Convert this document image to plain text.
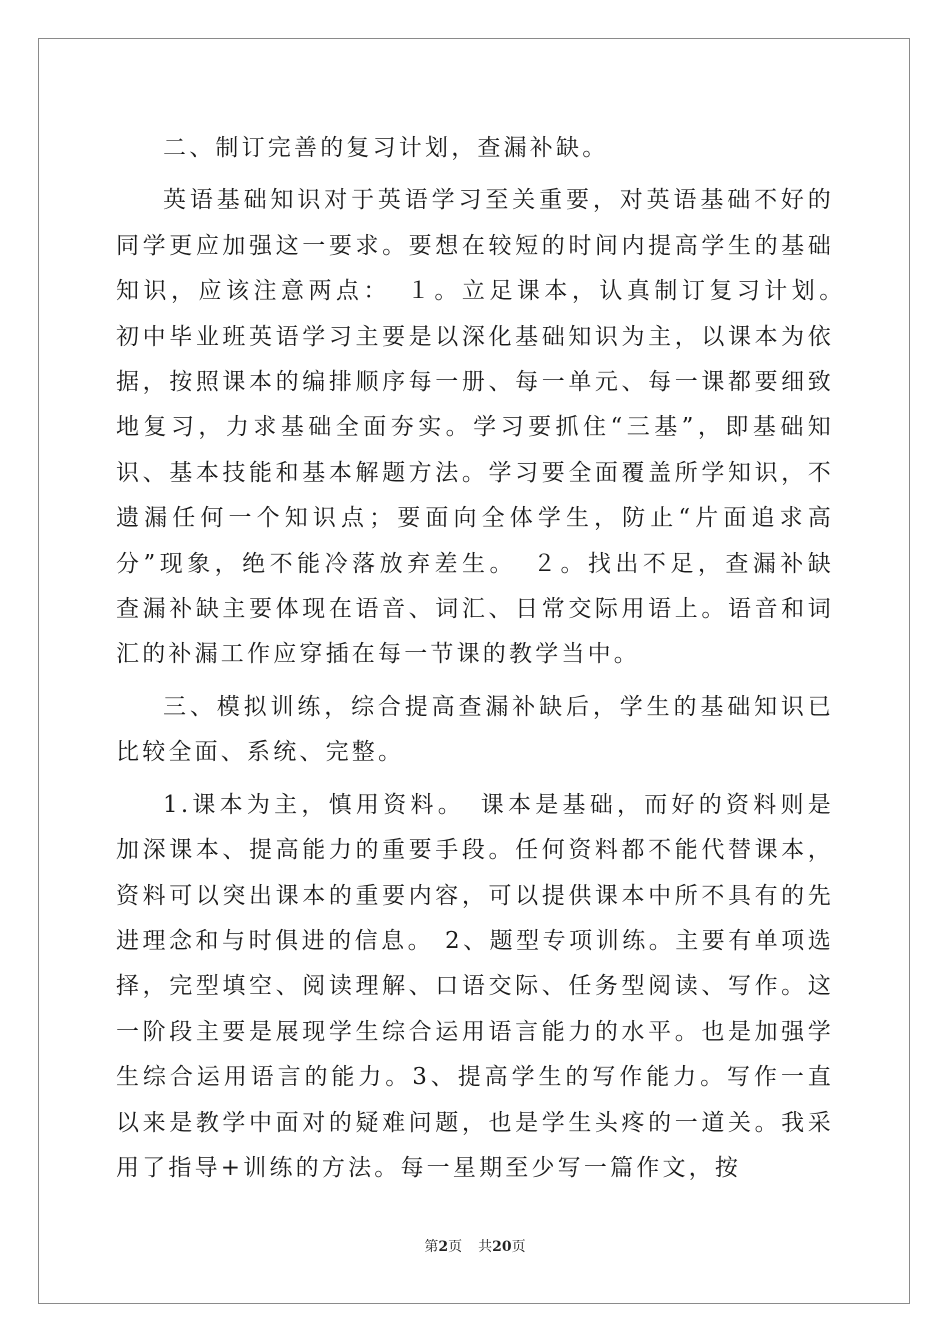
二、制订完善的复习计划，查漏补缺。

英语基础知识对于英语学习至关重要，对英语基础不好的同学更应加强这一要求。要想在较短的时间内提高学生的基础知识，应该注意两点：　１。立足课本，认真制订复习计划。　初中毕业班英语学习主要是以深化基础知识为主，以课本为依据，按照课本的编排顺序每一册、每一单元、每一课都要细致地复习，力求基础全面夯实。学习要抓住“三基”，即基础知识、基本技能和基本解题方法。学习要全面覆盖所学知识，不遗漏任何一个知识点；要面向全体学生，防止“片面追求高分”现象，绝不能冷落放弃差生。　２。找出不足，查漏补缺　查漏补缺主要体现在语音、词汇、日常交际用语上。语音和词汇的补漏工作应穿插在每一节课的教学当中。

三、模拟训练，综合提高查漏补缺后，学生的基础知识已比较全面、系统、完整。

1.课本为主，慎用资料。　课本是基础，而好的资料则是加深课本、提高能力的重要手段。任何资料都不能代替课本，资料可以突出课本的重要内容，可以提供课本中所不具有的先进理念和与时俱进的信息。 2、题型专项训练。主要有单项选择，完型填空、阅读理解、口语交际、任务型阅读、写作。这一阶段主要是展现学生综合运用语言能力的水平。也是加强学生综合运用语言的能力。3、提高学生的写作能力。写作一直以来是教学中面对的疑难问题，也是学生头疼的一道关。我采用了指导+训练的方法。每一星期至少写一篇作文，按

第2页 共20页
